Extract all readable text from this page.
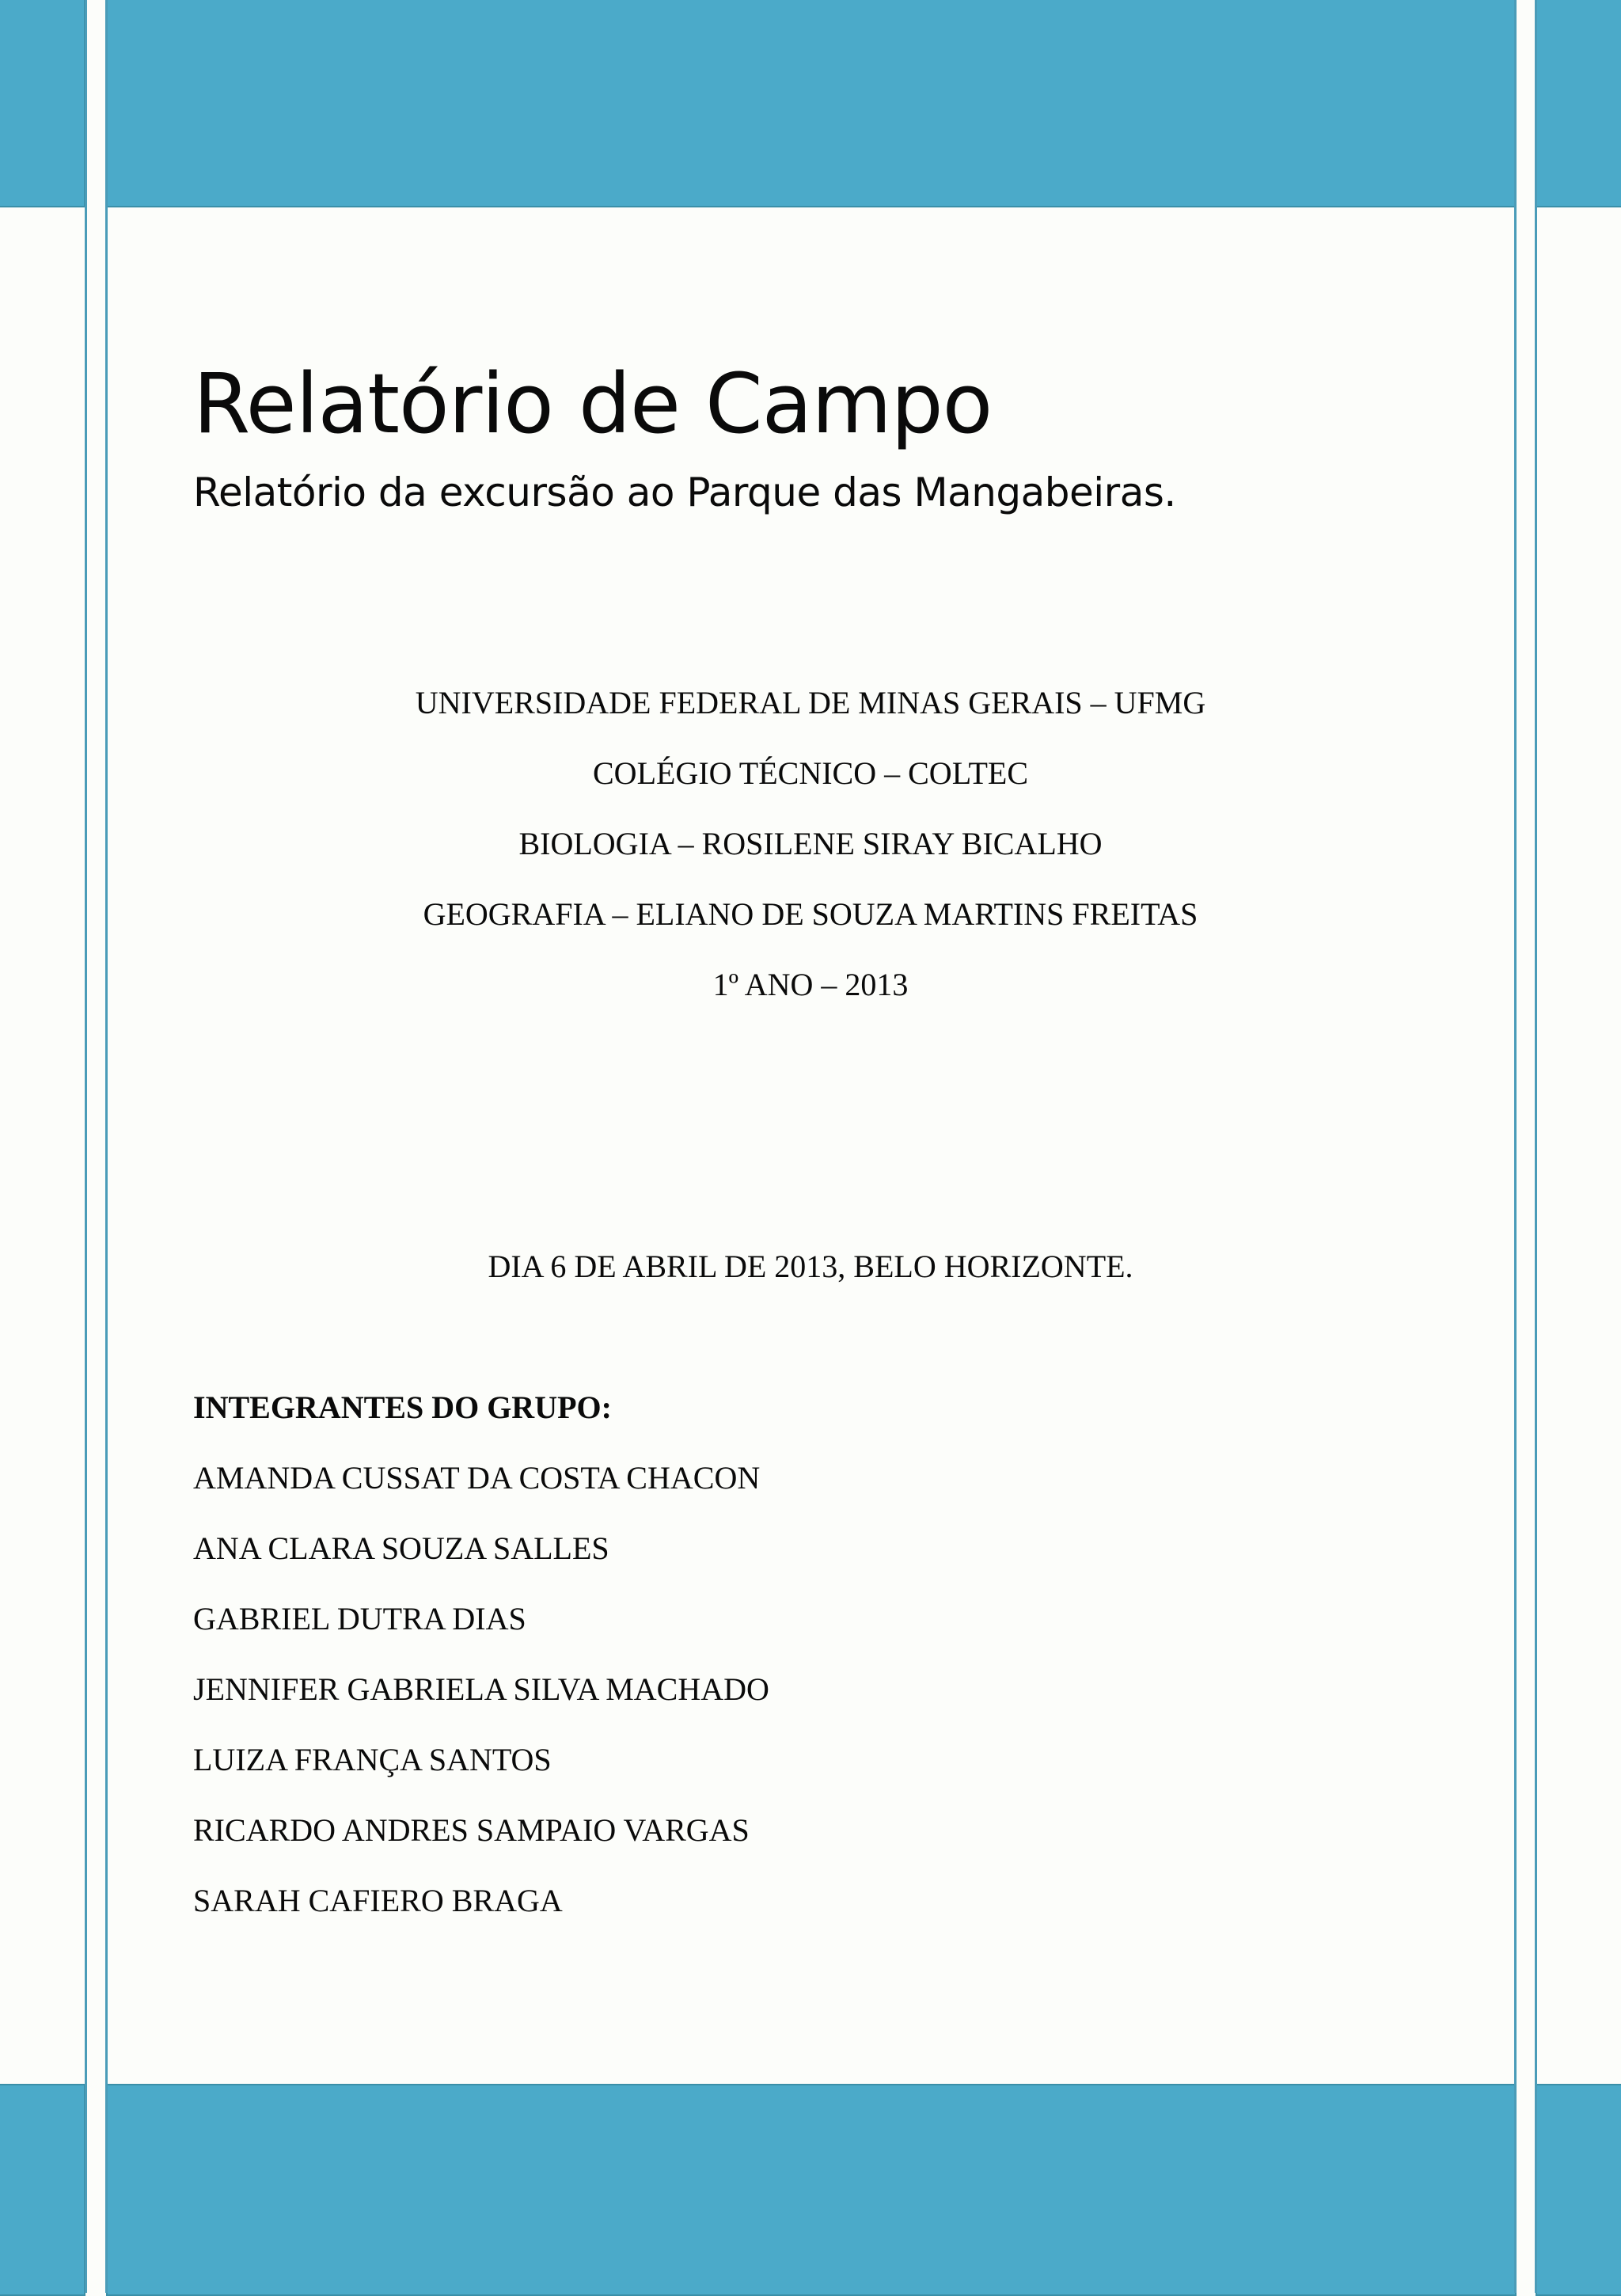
Relatório de Campo
Relatório da excursão ao Parque das Mangabeiras.
UNIVERSIDADE FEDERAL DE MINAS GERAIS – UFMG
COLÉGIO TÉCNICO – COLTEC
BIOLOGIA – ROSILENE SIRAY BICALHO
GEOGRAFIA – ELIANO DE SOUZA MARTINS FREITAS
1º ANO – 2013
DIA 6 DE ABRIL DE 2013, BELO HORIZONTE.
INTEGRANTES DO GRUPO:
AMANDA CUSSAT DA COSTA CHACON
ANA CLARA SOUZA SALLES
GABRIEL DUTRA DIAS
JENNIFER GABRIELA SILVA MACHADO
LUIZA FRANÇA SANTOS
RICARDO ANDRES SAMPAIO VARGAS
SARAH CAFIERO BRAGA
